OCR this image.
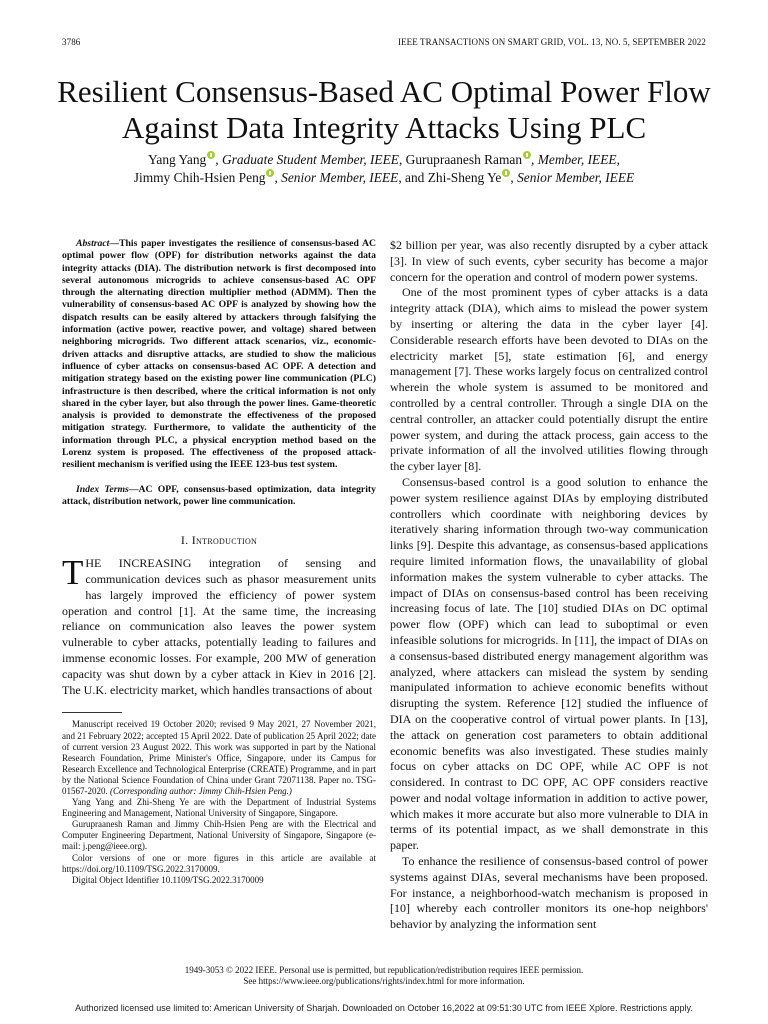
3786	IEEE TRANSACTIONS ON SMART GRID, VOL. 13, NO. 5, SEPTEMBER 2022
Resilient Consensus-Based AC Optimal Power Flow
Against Data Integrity Attacks Using PLC
Yang Yang , Graduate Student Member, IEEE, Gurupraanesh Raman , Member, IEEE,
Jimmy Chih-Hsien Peng , Senior Member, IEEE, and Zhi-Sheng Ye , Senior Member, IEEE

Abstract—This paper investigates the resilience of consensus-based AC optimal power flow (OPF) for distribution networks against the data integrity attacks (DIA). The distribution network is first decomposed into several autonomous microgrids to achieve consensus-based AC OPF through the alternating direction multiplier method (ADMM). Then the vulnerability of consensus-based AC OPF is analyzed by showing how the dispatch results can be easily altered by attackers through falsifying the information (active power, reactive power, and voltage) shared between neighboring microgrids. Two different attack scenarios, viz., economic-driven attacks and disruptive attacks, are studied to show the malicious influence of cyber attacks on consensus-based AC OPF. A detection and mitigation strategy based on the existing power line communication (PLC) infrastructure is then described, where the critical information is not only shared in the cyber layer, but also through the power lines. Game-theoretic analysis is provided to demonstrate the effectiveness of the proposed mitigation strategy. Furthermore, to validate the authenticity of the information through PLC, a physical encryption method based on the Lorenz system is proposed. The effectiveness of the proposed attack-resilient mechanism is verified using the IEEE 123-bus test system.

Index Terms—AC OPF, consensus-based optimization, data integrity attack, distribution network, power line communication.

I. Introduction

THE INCREASING integration of sensing and communication devices such as phasor measurement units has largely improved the efficiency of power system operation and control [1]. At the same time, the increasing reliance on communication also leaves the power system vulnerable to cyber attacks, potentially leading to failures and immense economic losses. For example, 200 MW of generation capacity was shut down by a cyber attack in Kiev in 2016 [2]. The U.K. electricity market, which handles transactions of about

Manuscript received 19 October 2020; revised 9 May 2021, 27 November 2021, and 21 February 2022; accepted 15 April 2022. Date of publication 25 April 2022; date of current version 23 August 2022. This work was supported in part by the National Research Foundation, Prime Minister's Office, Singapore, under its Campus for Research Excellence and Technological Enterprise (CREATE) Programme, and in part by the National Science Foundation of China under Grant 72071138. Paper no. TSG-01567-2020. (Corresponding author: Jimmy Chih-Hsien Peng.)

Yang Yang and Zhi-Sheng Ye are with the Department of Industrial Systems Engineering and Management, National University of Singapore, Singapore.

Gurupraanesh Raman and Jimmy Chih-Hsien Peng are with the Electrical and Computer Engineering Department, National University of Singapore, Singapore (e-mail: j.peng@ieee.org).

Color versions of one or more figures in this article are available at https://doi.org/10.1109/TSG.2022.3170009.

Digital Object Identifier 10.1109/TSG.2022.3170009

$2 billion per year, was also recently disrupted by a cyber attack [3]. In view of such events, cyber security has become a major concern for the operation and control of modern power systems.

One of the most prominent types of cyber attacks is a data integrity attack (DIA), which aims to mislead the power system by inserting or altering the data in the cyber layer [4]. Considerable research efforts have been devoted to DIAs on the electricity market [5], state estimation [6], and energy management [7]. These works largely focus on centralized control wherein the whole system is assumed to be monitored and controlled by a central controller. Through a single DIA on the central controller, an attacker could potentially disrupt the entire power system, and during the attack process, gain access to the private information of all the involved utilities flowing through the cyber layer [8].

Consensus-based control is a good solution to enhance the power system resilience against DIAs by employing distributed controllers which coordinate with neighboring devices by iteratively sharing information through two-way communication links [9]. Despite this advantage, as consensus-based applications require limited information flows, the unavailability of global information makes the system vulnerable to cyber attacks. The impact of DIAs on consensus-based control has been receiving increasing focus of late. The [10] studied DIAs on DC optimal power flow (OPF) which can lead to suboptimal or even infeasible solutions for microgrids. In [11], the impact of DIAs on a consensus-based distributed energy management algorithm was analyzed, where attackers can mislead the system by sending manipulated information to achieve economic benefits without disrupting the system. Reference [12] studied the influence of DIA on the cooperative control of virtual power plants. In [13], the attack on generation cost parameters to obtain additional economic benefits was also investigated. These studies mainly focus on cyber attacks on DC OPF, while AC OPF is not considered. In contrast to DC OPF, AC OPF considers reactive power and nodal voltage information in addition to active power, which makes it more accurate but also more vulnerable to DIA in terms of its potential impact, as we shall demonstrate in this paper.

To enhance the resilience of consensus-based control of power systems against DIAs, several mechanisms have been proposed. For instance, a neighborhood-watch mechanism is proposed in [10] whereby each controller monitors its one-hop neighbors' behavior by analyzing the information sent

1949-3053 © 2022 IEEE. Personal use is permitted, but republication/redistribution requires IEEE permission.
See https://www.ieee.org/publications/rights/index.html for more information.
Authorized licensed use limited to: American University of Sharjah. Downloaded on October 16,2022 at 09:51:30 UTC from IEEE Xplore. Restrictions apply.
